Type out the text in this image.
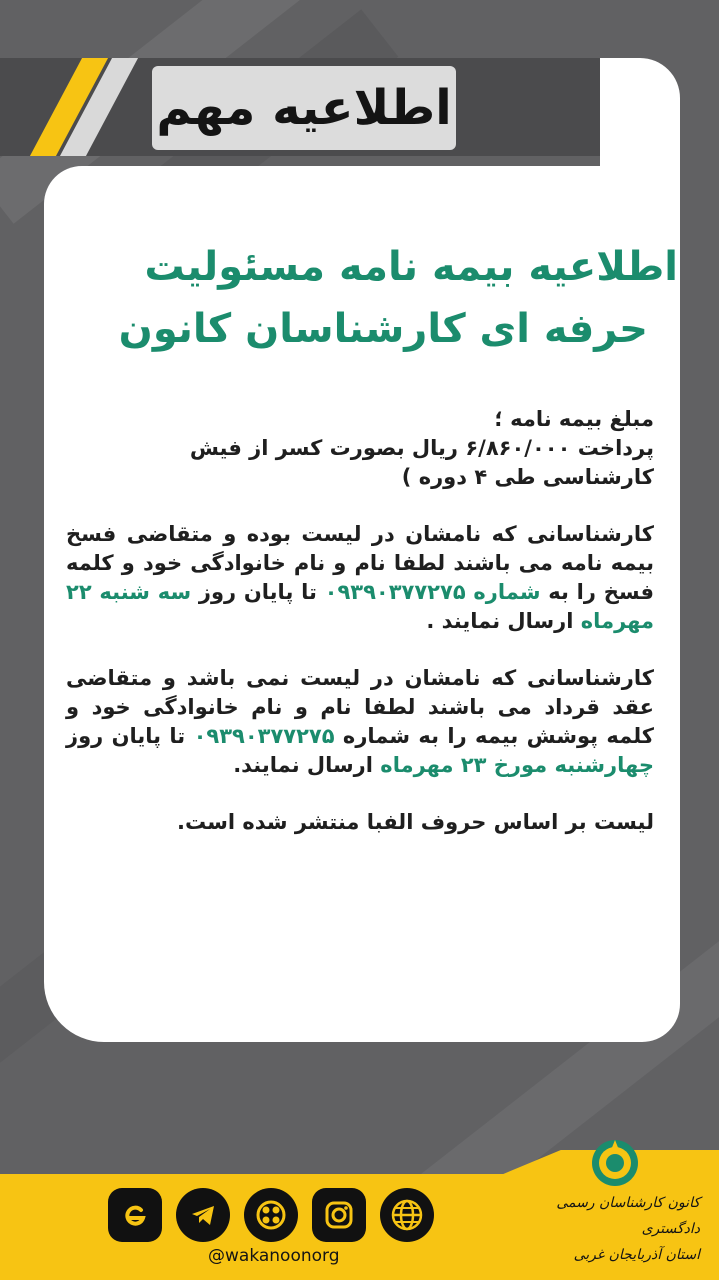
اطلاعیه مهم
اطلاعیه بیمه نامه مسئولیت
حرفه ای کارشناسان کانون

مبلغ بیمه نامه ؛
پرداخت ۶/۸۶۰/۰۰۰ ریال بصورت کسر از فیش
کارشناسی طی ۴ دوره )

کارشناسانی که نامشان در لیست بوده و متقاضی فسخ بیمه نامه می باشند لطفا نام و نام خانوادگی خود و کلمه فسخ را به شماره ۰۹۳۹۰۳۷۷۲۷۵ تا پایان روز سه شنبه ۲۲ مهرماه ارسال نمایند .

کارشناسانی که نامشان در لیست نمی باشد و متقاضی عقد قرداد می باشند لطفا نام و نام خانوادگی خود و کلمه پوشش بیمه را به شماره ۰۹۳۹۰۳۷۷۲۷۵ تا پایان روز چهارشنبه مورخ ۲۳ مهرماه ارسال نمایند.

لیست بر اساس حروف الفبا منتشر شده است.

@wakanoonorg
کانون کارشناسان رسمی دادگستری
استان آذربایجان غربی
